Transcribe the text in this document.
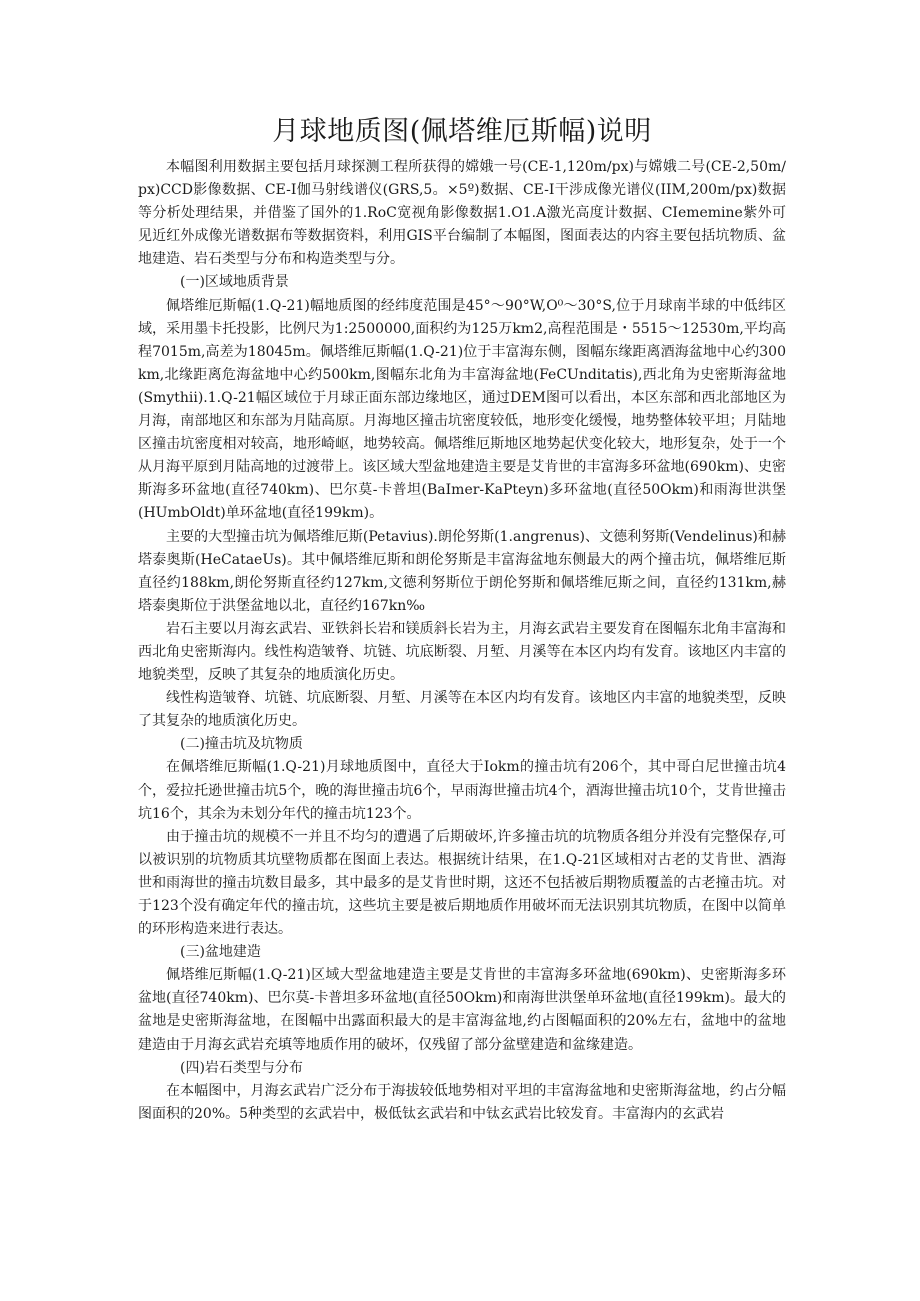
月球地质图(佩塔维厄斯幅)说明

本幅图利用数据主要包括月球探测工程所获得的嫦娥一号(CE-1,120m∕px)与嫦娥二号(CE-2,50m∕px)CCD影像数据、CE-I伽马射线谱仪(GRS,5。×5º)数据、CE-I干涉成像光谱仪(IIM,200m∕px)数据等分析处理结果，并借鉴了国外的1.RoC宽视角影像数据1.O1.A激光高度计数据、CIememine紫外可见近红外成像光谱数据布等数据资料，利用GIS平台编制了本幅图，图面表达的内容主要包括坑物质、盆地建造、岩石类型与分布和构造类型与分。

(一)区域地质背景

佩塔维厄斯幅(1.Q-21)幅地质图的经纬度范围是45°～90°W,O⁰～30°S,位于月球南半球的中低纬区域，采用墨卡托投影，比例尺为1:2500000,面积约为125万km2,高程范围是・5515～12530m,平均高程7015m,高差为18045m。佩塔维厄斯幅(1.Q-21)位于丰富海东侧，图幅东缘距离酒海盆地中心约300km,北缘距离危海盆地中心约500km,图幅东北角为丰富海盆地(FeCUnditatis),西北角为史密斯海盆地(Smythii).1.Q-21幅区域位于月球正面东部边缘地区，通过DEM图可以看出，本区东部和西北部地区为月海，南部地区和东部为月陆高原。月海地区撞击坑密度较低，地形变化缓慢，地势整体较平坦；月陆地区撞击坑密度相对较高，地形崎岖，地势较高。佩塔维厄斯地区地势起伏变化较大，地形复杂，处于一个从月海平原到月陆高地的过渡带上。该区域大型盆地建造主要是艾肯世的丰富海多环盆地(690km)、史密斯海多环盆地(直径740km)、巴尔莫-卡普坦(BaImer-KaPteyn)多环盆地(直径50Okm)和雨海世洪堡(HUmbOldt)单环盆地(直径199km)。

主要的大型撞击坑为佩塔维厄斯(Petavius).朗伦努斯(1.angrenus)、文德利努斯(Vendelinus)和赫塔泰奥斯(HeCataeUs)。其中佩塔维厄斯和朗伦努斯是丰富海盆地东侧最大的两个撞击坑，佩塔维厄斯直径约188km,朗伦努斯直径约127km,文德利努斯位于朗伦努斯和佩塔维厄斯之间，直径约131km,赫塔泰奥斯位于洪堡盆地以北，直径约167kn‰

岩石主要以月海玄武岩、亚铁斜长岩和镁质斜长岩为主，月海玄武岩主要发育在图幅东北角丰富海和西北角史密斯海内。线性构造皱脊、坑链、坑底断裂、月堑、月溪等在本区内均有发育。该地区内丰富的地貌类型，反映了其复杂的地质演化历史。

线性构造皱脊、坑链、坑底断裂、月堑、月溪等在本区内均有发育。该地区内丰富的地貌类型，反映了其复杂的地质演化历史。

(二)撞击坑及坑物质

在佩塔维厄斯幅(1.Q-21)月球地质图中，直径大于Iokm的撞击坑有206个，其中哥白尼世撞击坑4个，爱拉托逊世撞击坑5个，晚的海世撞击坑6个，早雨海世撞击坑4个，酒海世撞击坑10个，艾肯世撞击坑16个，其余为未划分年代的撞击坑123个。

由于撞击坑的规模不一并且不均匀的遭遇了后期破坏,许多撞击坑的坑物质各组分并没有完整保存,可以被识别的坑物质其坑壁物质都在图面上表达。根据统计结果，在1.Q-21区域相对古老的艾肯世、酒海世和雨海世的撞击坑数目最多，其中最多的是艾肯世时期，这还不包括被后期物质覆盖的古老撞击坑。对于123个没有确定年代的撞击坑，这些坑主要是被后期地质作用破坏而无法识别其坑物质，在图中以简单的环形构造来进行表达。

(三)盆地建造

佩塔维厄斯幅(1.Q-21)区域大型盆地建造主要是艾肯世的丰富海多环盆地(690km)、史密斯海多环盆地(直径740km)、巴尔莫-卡普坦多环盆地(直径50Okm)和南海世洪堡单环盆地(直径199km)。最大的盆地是史密斯海盆地，在图幅中出露面积最大的是丰富海盆地,约占图幅面积的20%左右，盆地中的盆地建造由于月海玄武岩充填等地质作用的破坏，仅残留了部分盆壁建造和盆缘建造。

(四)岩石类型与分布

在本幅图中，月海玄武岩广泛分布于海拔较低地势相对平坦的丰富海盆地和史密斯海盆地，约占分幅图面积的20%。5种类型的玄武岩中，极低钛玄武岩和中钛玄武岩比较发育。丰富海内的玄武岩
